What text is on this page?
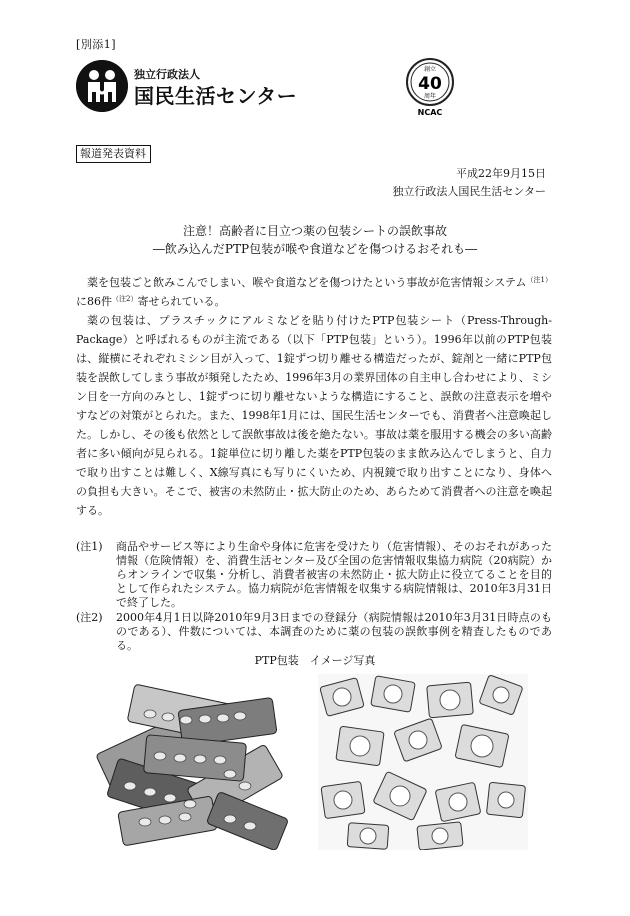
[別添1]
独立行政法人
国民生活センター
創立
40
周年
NCAC
報道発表資料
平成22年9月15日
独立行政法人国民生活センター
注意！高齢者に目立つ薬の包装シートの誤飲事故
―飲み込んだPTP包装が喉や食道などを傷つけるおそれも―

薬を包装ごと飲みこんでしまい、喉や食道などを傷つけたという事故が危害情報システム$^{(注1)}$に86件$^{(注2)}$寄せられている。

薬の包装は、プラスチックにアルミなどを貼り付けたPTP包装シート（Press-Through-Package）と呼ばれるものが主流である（以下「PTP包装」という）。1996年以前のPTP包装は、縦横にそれぞれミシン目が入って、1錠ずつ切り離せる構造だったが、錠剤と一緒にPTP包装を誤飲してしまう事故が頻発したため、1996年3月の業界団体の自主申し合わせにより、ミシン目を一方向のみとし、1錠ずつに切り離せないような構造にすること、誤飲の注意表示を増やすなどの対策がとられた。また、1998年1月には、国民生活センターでも、消費者へ注意喚起した。しかし、その後も依然として誤飲事故は後を絶たない。事故は薬を服用する機会の多い高齢者に多い傾向が見られる。1錠単位に切り離した薬をPTP包装のまま飲み込んでしまうと、自力で取り出すことは難しく、X線写真にも写りにくいため、内視鏡で取り出すことになり、身体への負担も大きい。そこで、被害の未然防止・拡大防止のため、あらためて消費者への注意を喚起する。

(注1)	商品やサービス等により生命や身体に危害を受けたり（危害情報）、そのおそれがあった情報（危険情報）を、消費生活センター及び全国の危害情報収集協力病院（20病院）からオンラインで収集・分析し、消費者被害の未然防止・拡大防止に役立てることを目的として作られたシステム。協力病院が危害情報を収集する病院情報は、2010年3月31日で終了した。
(注2)	2000年4月1日以降2010年9月3日までの登録分（病院情報は2010年3月31日時点のものである）、件数については、本調査のために薬の包装の誤飲事例を精査したものである。
PTP包装　イメージ写真
